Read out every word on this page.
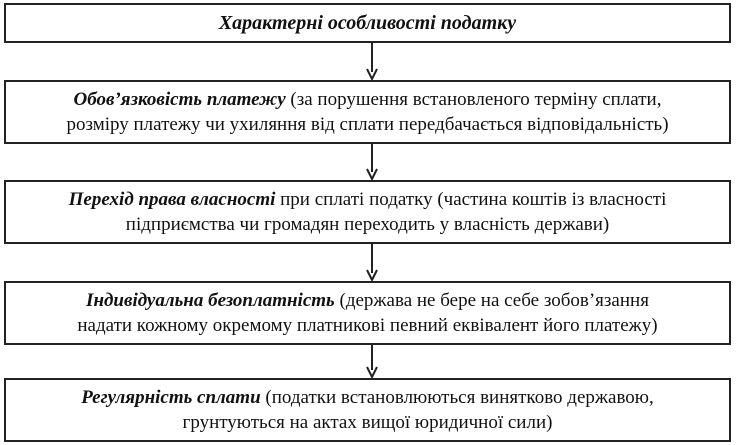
Характерні особливості податку
Обов’язковість платежу (за порушення встановленого терміну сплати,
розміру платежу чи ухиляння від сплати передбачається відповідальність)
Перехід права власності при сплаті податку (частина коштів із власності
підприємства чи громадян переходить у власність держави)
Індивідуальна безоплатність (держава не бере на себе зобов’язання
надати кожному окремому платникові певний еквівалент його платежу)
Регулярність сплати (податки встановлюються винятково державою,
грунтуються на актах вищої юридичної сили)
